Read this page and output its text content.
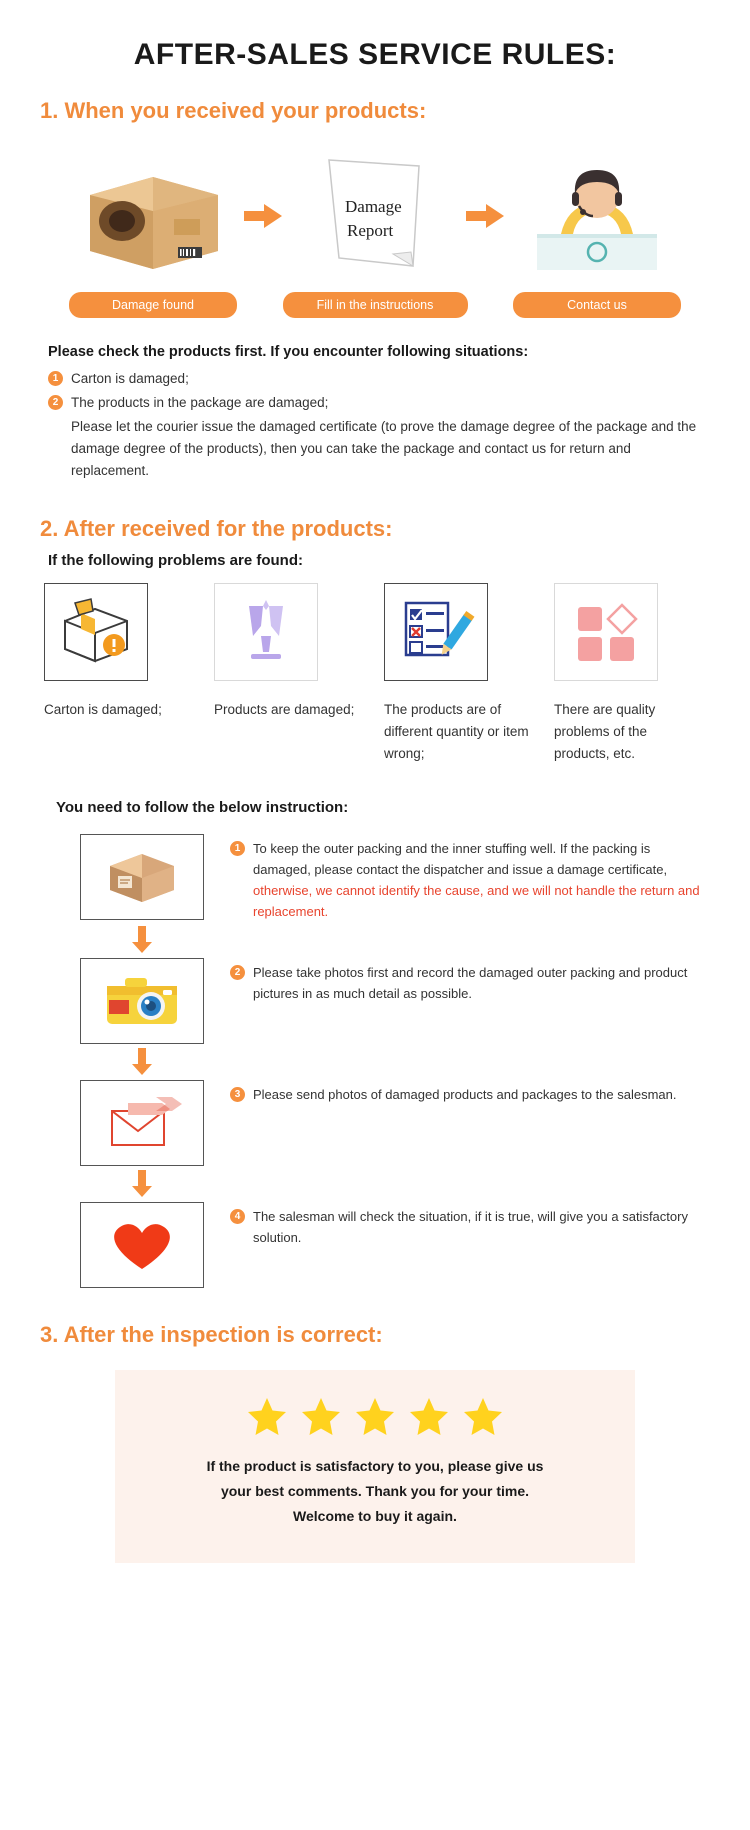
AFTER-SALES SERVICE RULES:
1. When you received your products:
Damage found
Damage
Report
Fill in the instructions	Contact us
Please check the products first. If you encounter following situations:
1 Carton is damaged;
2 The products in the package are damaged;
Please let the courier issue the damaged certificate (to prove the damage degree of the package and the damage degree of the products), then you can take the package and contact us for return and replacement.
2. After received for the products:
If the following problems are found:
Carton is damaged;	Products are damaged;	The products are of different quantity or item wrong;
There are quality problems of the products, etc.
You need to follow the below instruction:
1 To keep the outer packing and the inner stuffing well. If the packing is damaged, please contact the dispatcher and issue a damage certificate, otherwise, we cannot identify the cause, and we will not handle the return and replacement.
2 Please take photos first and record the damaged outer packing and product pictures in as much detail as possible.
3 Please send photos of damaged products and packages to the salesman.
4 The salesman will check the situation, if it is true, will give you a satisfactory solution.
3. After the inspection is correct:
If the product is satisfactory to you, please give us
your best comments. Thank you for your time.
Welcome to buy it again.
